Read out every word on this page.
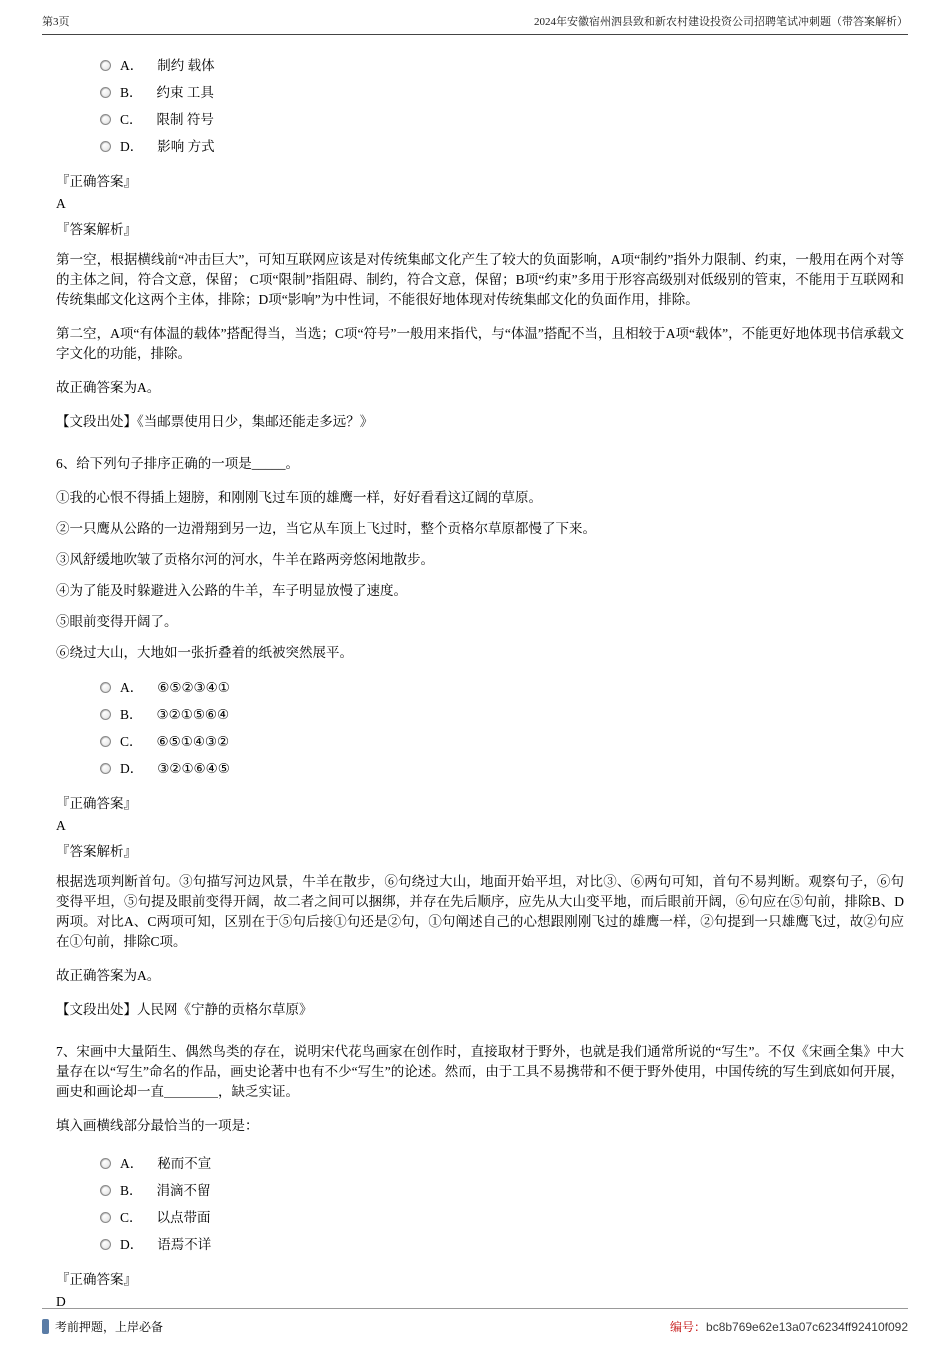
第3页	2024年安徽宿州泗县致和新农村建设投资公司招聘笔试冲刺题（带答案解析）
A． 制约 载体
B． 约束 工具
C． 限制 符号
D． 影响 方式
『正确答案』
A
『答案解析』

第一空，根据横线前“冲击巨大”，可知互联网应该是对传统集邮文化产生了较大的负面影响，A项“制约”指外力限制、约束，一般用在两个对等的主体之间，符合文意，保留； C项“限制”指阻碍、制约，符合文意，保留；B项“约束”多用于形容高级别对低级别的管束，不能用于互联网和传统集邮文化这两个主体，排除；D项“影响”为中性词，不能很好地体现对传统集邮文化的负面作用，排除。

第二空，A项“有体温的载体”搭配得当，当选；C项“符号”一般用来指代，与“体温”搭配不当，且相较于A项“载体”，不能更好地体现书信承载文字文化的功能，排除。

故正确答案为A。

【文段出处】《当邮票使用日少，集邮还能走多远？》

6、给下列句子排序正确的一项是_____。

①我的心恨不得插上翅膀，和刚刚飞过车顶的雄鹰一样，好好看看这辽阔的草原。

②一只鹰从公路的一边滑翔到另一边，当它从车顶上飞过时，整个贡格尔草原都慢了下来。

③风舒缓地吹皱了贡格尔河的河水，牛羊在路两旁悠闲地散步。

④为了能及时躲避进入公路的牛羊，车子明显放慢了速度。

⑤眼前变得开阔了。

⑥绕过大山，大地如一张折叠着的纸被突然展平。

A． ⑥⑤②③④①
B． ③②①⑤⑥④
C． ⑥⑤①④③②
D． ③②①⑥④⑤
『正确答案』
A
『答案解析』

根据选项判断首句。③句描写河边风景，牛羊在散步，⑥句绕过大山，地面开始平坦，对比③、⑥两句可知，首句不易判断。观察句子，⑥句变得平坦，⑤句提及眼前变得开阔，故二者之间可以捆绑，并存在先后顺序，应先从大山变平地，而后眼前开阔，⑥句应在⑤句前，排除B、D两项。对比A、C两项可知，区别在于⑤句后接①句还是②句，①句阐述自己的心想跟刚刚飞过的雄鹰一样，②句提到一只雄鹰飞过，故②句应在①句前，排除C项。

故正确答案为A。

【文段出处】人民网《宁静的贡格尔草原》

7、宋画中大量陌生、偶然鸟类的存在，说明宋代花鸟画家在创作时，直接取材于野外，也就是我们通常所说的“写生”。不仅《宋画全集》中大量存在以“写生”命名的作品，画史论著中也有不少“写生”的论述。然而，由于工具不易携带和不便于野外使用，中国传统的写生到底如何开展，画史和画论却一直＿＿＿＿，缺乏实证。

填入画横线部分最恰当的一项是：

A． 秘而不宣
B． 涓滴不留
C． 以点带面
D． 语焉不详
『正确答案』
D
考前押题，上岸必备	编号：bc8b769e62e13a07c6234ff92410f092
